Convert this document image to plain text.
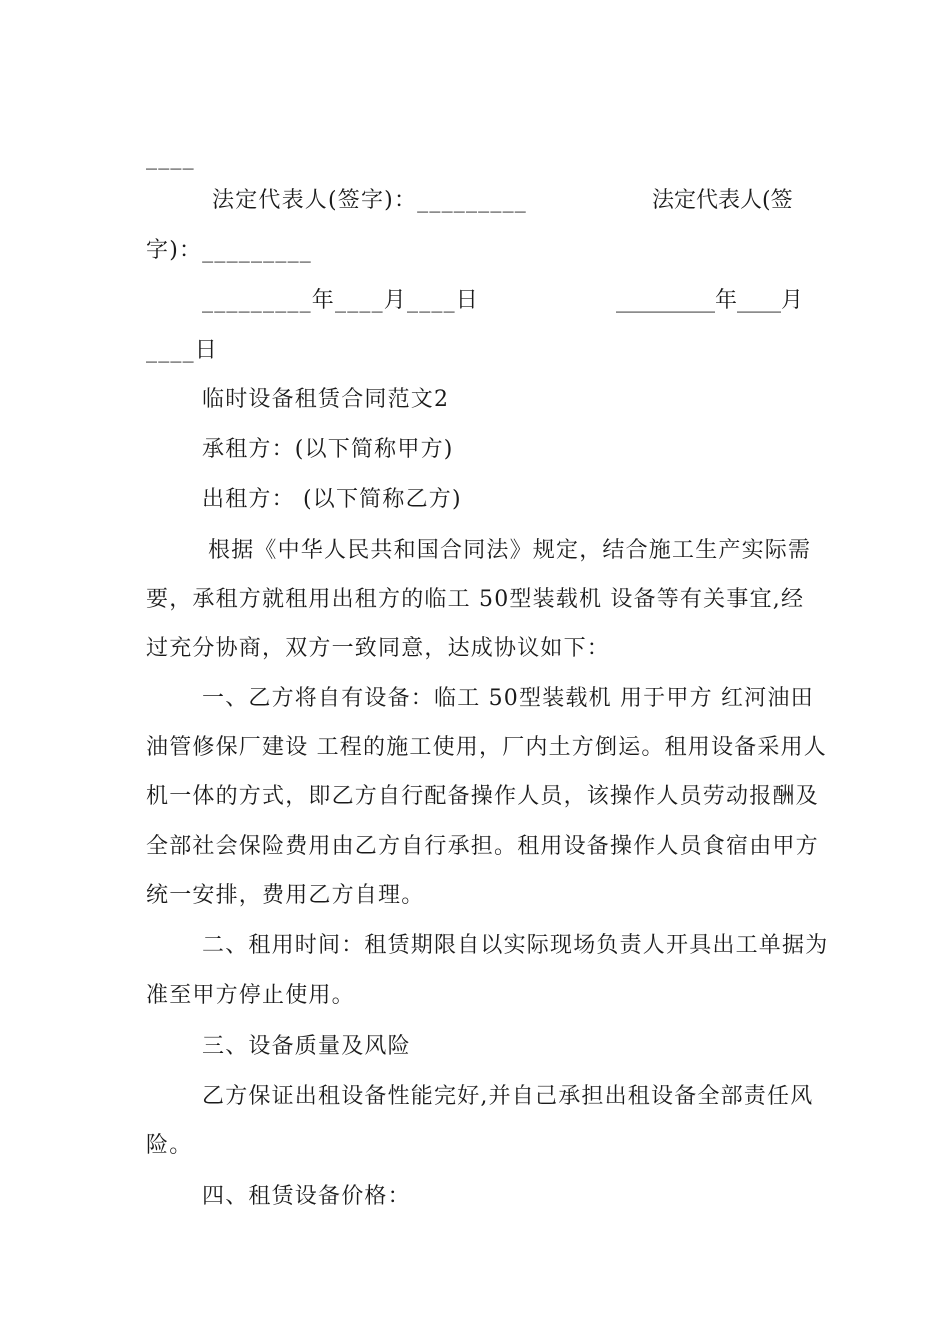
____
法定代表人(签字)：_________	法定代表人(签
字)：_________
_________年____月____日	_________年____月
____日
临时设备租赁合同范文2
承租方：(以下简称甲方)
出租方： (以下简称乙方)
根据《中华人民共和国合同法》规定，结合施工生产实际需
要，承租方就租用出租方的临工 50型装载机 设备等有关事宜,经
过充分协商，双方一致同意，达成协议如下：
一、乙方将自有设备：临工 50型装载机 用于甲方 红河油田
油管修保厂建设 工程的施工使用，厂内土方倒运。租用设备采用人
机一体的方式，即乙方自行配备操作人员，该操作人员劳动报酬及
全部社会保险费用由乙方自行承担。租用设备操作人员食宿由甲方
统一安排，费用乙方自理。
二、租用时间：租赁期限自以实际现场负责人开具出工单据为
准至甲方停止使用。
三、设备质量及风险
乙方保证出租设备性能完好,并自己承担出租设备全部责任风
险。
四、租赁设备价格：
